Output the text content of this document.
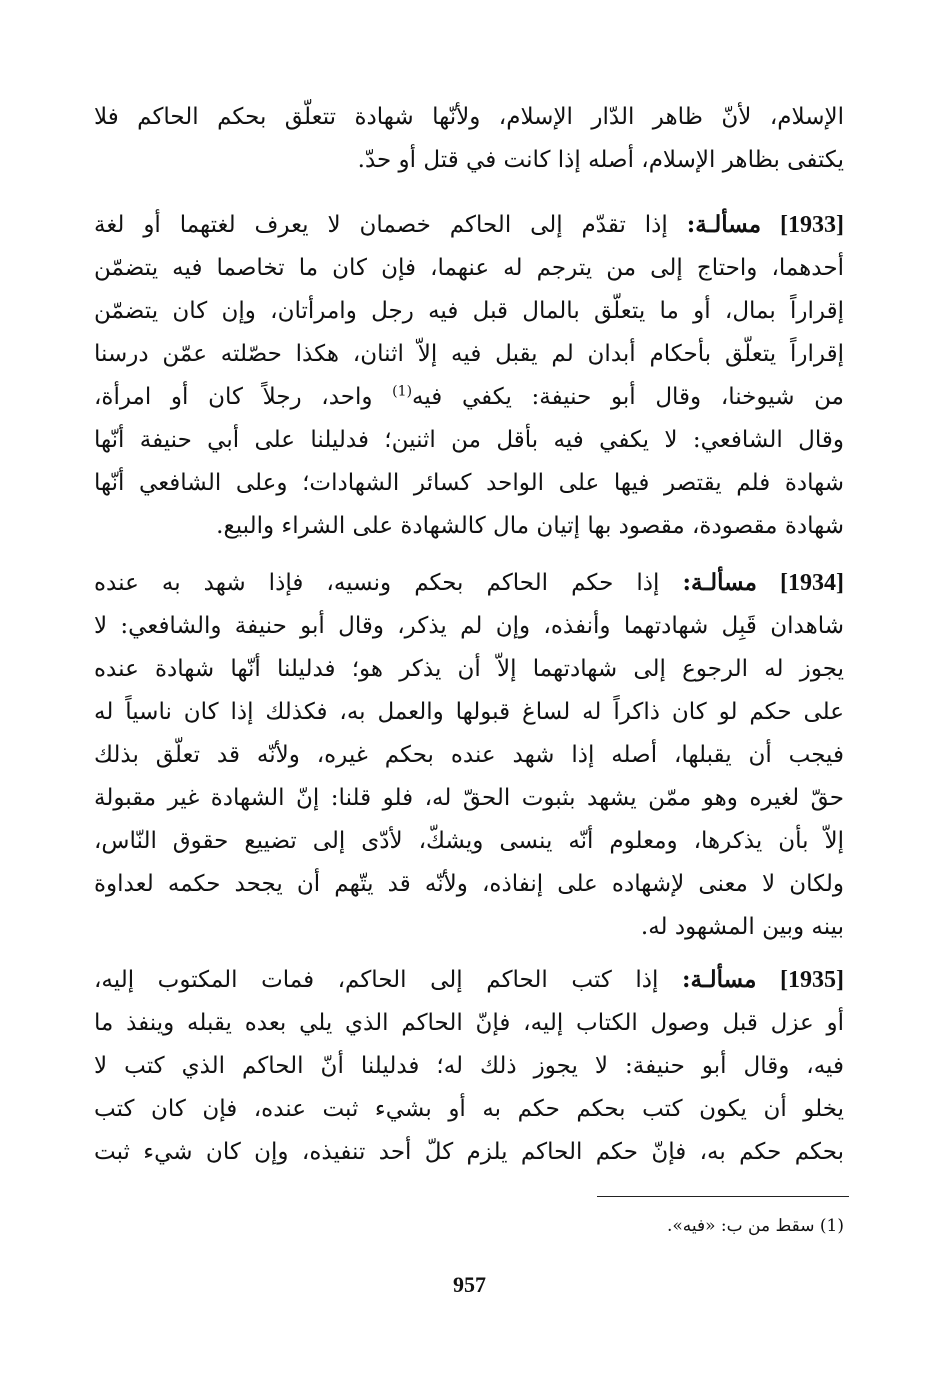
الإسلام، لأنّ ظاهر الدّار الإسلام، ولأنّها شهادة تتعلّق بحكم الحاكم فلا
يكتفى بظاهر الإسلام، أصله إذا كانت في قتل أو حدّ.
[1933] مسألـة: إذا تقدّم إلى الحاكم خصمان لا يعرف لغتهما أو لغة
أحدهما، واحتاج إلى من يترجم له عنهما، فإن كان ما تخاصما فيه يتضمّن
إقراراً بمال، أو ما يتعلّق بالمال قبل فيه رجل وامرأتان، وإن كان يتضمّن
إقراراً يتعلّق بأحكام أبدان لم يقبل فيه إلاّ اثنان، هكذا حصّلته عمّن درسنا
من شيوخنا، وقال أبو حنيفة: يكفي فيه$^{(1)}$ واحد، رجلاً كان أو امرأة،
وقال الشافعي: لا يكفي فيه بأقل من اثنين؛ فدليلنا على أبي حنيفة أنّها
شهادة فلم يقتصر فيها على الواحد كسائر الشهادات؛ وعلى الشافعي أنّها
شهادة مقصودة، مقصود بها إتيان مال كالشهادة على الشراء والبيع.
[1934] مسألـة: إذا حكم الحاكم بحكم ونسيه، فإذا شهد به عنده
شاهدان قَبِل شهادتهما وأنفذه، وإن لم يذكر، وقال أبو حنيفة والشافعي: لا
يجوز له الرجوع إلى شهادتهما إلاّ أن يذكر هو؛ فدليلنا أنّها شهادة عنده
على حكم لو كان ذاكراً له لساغ قبولها والعمل به، فكذلك إذا كان ناسياً له
فيجب أن يقبلها، أصله إذا شهد عنده بحكم غيره، ولأنّه قد تعلّق بذلك
حقّ لغيره وهو ممّن يشهد بثبوت الحقّ له، فلو قلنا: إنّ الشهادة غير مقبولة
إلاّ بأن يذكرها، ومعلوم أنّه ينسى ويشكّ، لأدّى إلى تضييع حقوق النّاس،
ولكان لا معنى لإشهاده على إنفاذه، ولأنّه قد يتّهم أن يجحد حكمه لعداوة
بينه وبين المشهود له.
[1935] مسألـة: إذا كتب الحاكم إلى الحاكم، فمات المكتوب إليه،
أو عزل قبل وصول الكتاب إليه، فإنّ الحاكم الذي يلي بعده يقبله وينفذ ما
فيه، وقال أبو حنيفة: لا يجوز ذلك له؛ فدليلنا أنّ الحاكم الذي كتب لا
يخلو أن يكون كتب بحكم حكم به أو بشيء ثبت عنده، فإن كان كتب
بحكم حكم به، فإنّ حكم الحاكم يلزم كلّ أحد تنفيذه، وإن كان شيء ثبت
(1) سقط من ب: «فيه».
957
